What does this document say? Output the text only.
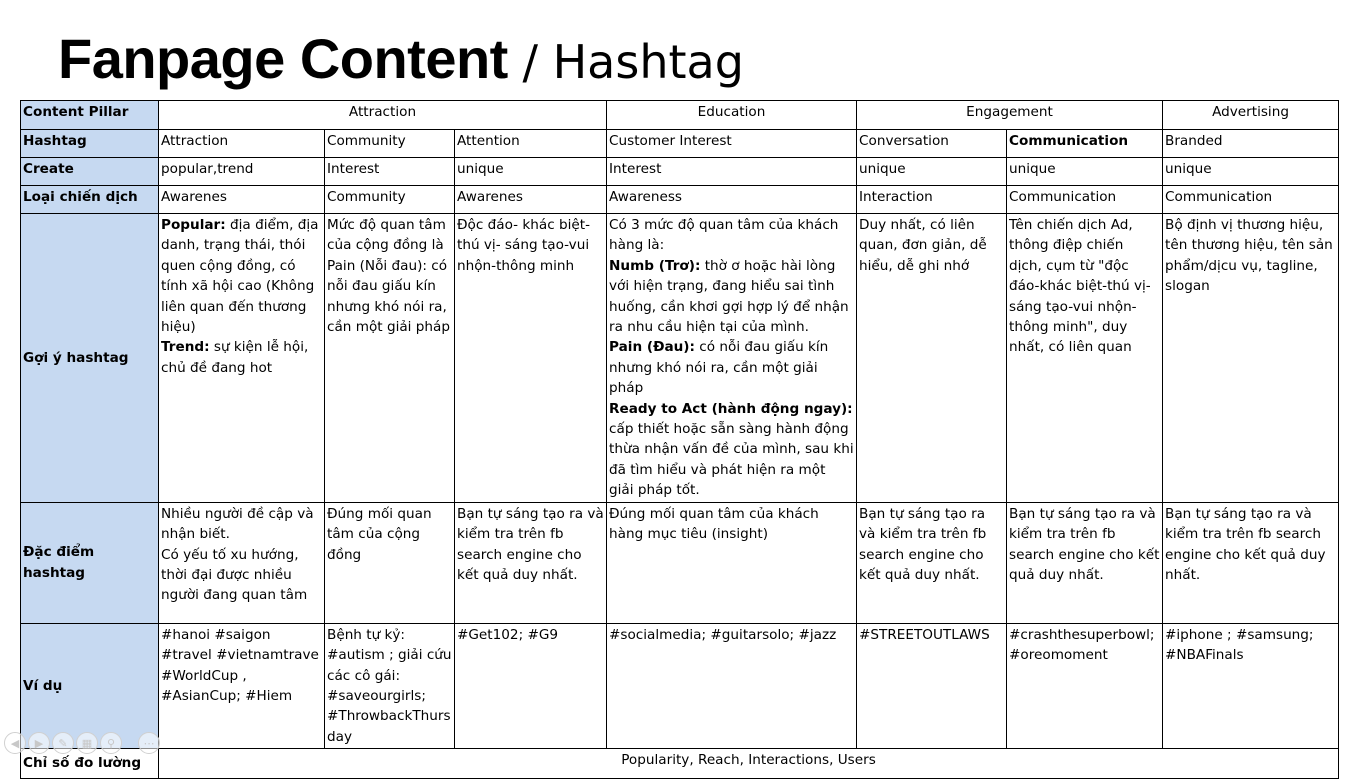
Fanpage Content / Hashtag
Content Pillar	Attraction			Education	Engagement		Advertising
Hashtag	Attraction	Community	Attention	Customer Interest	Conversation	Communication	Branded
Create	popular,trend	Interest	unique	Interest	unique	unique	unique
Loại chiến dịch	Awarenes	Community	Awarenes	Awareness	Interaction	Communication	Communication
Gợi ý hashtag	Popular: địa điểm, địa danh, trạng thái, thói quen cộng đồng, có tính xã hội cao (Không liên quan đến thương hiệu)
Trend: sự kiện lễ hội, chủ đề đang hot	Mức độ quan tâm của cộng đồng là Pain (Nỗi đau): có nỗi đau giấu kín nhưng khó nói ra, cần một giải pháp	Độc đáo- khác biệt-thú vị- sáng tạo-vui nhộn-thông minh	Có 3 mức độ quan tâm của khách hàng là:
Numb (Trơ): thờ ơ hoặc hài lòng với hiện trạng, đang hiểu sai tình huống, cần khơi gợi hợp lý để nhận ra nhu cầu hiện tại của mình.
Pain (Đau): có nỗi đau giấu kín nhưng khó nói ra, cần một giải pháp
Ready to Act (hành động ngay): cấp thiết hoặc sẵn sàng hành động thừa nhận vấn đề của mình, sau khi đã tìm hiểu và phát hiện ra một giải pháp tốt.	Duy nhất, có liên quan, đơn giản, dễ hiểu, dễ ghi nhớ	Tên chiến dịch Ad, thông điệp chiến dịch, cụm từ "độc đáo-khác biệt-thú vị- sáng tạo-vui nhộn-thông minh", duy nhất, có liên quan	Bộ định vị thương hiệu, tên thương hiệu, tên sản phẩm/dịcu vụ, tagline, slogan
Đặc điểm hashtag	Nhiều người đề cập và nhận biết.
Có yếu tố xu hướng, thời đại được nhiều người đang quan tâm	Đúng mối quan tâm của cộng đồng	Bạn tự sáng tạo ra và kiểm tra trên fb search engine cho kết quả duy nhất.	Đúng mối quan tâm của khách hàng mục tiêu (insight)	Bạn tự sáng tạo ra và kiểm tra trên fb search engine cho kết quả duy nhất.	Bạn tự sáng tạo ra và kiểm tra trên fb search engine cho kết quả duy nhất.	Bạn tự sáng tạo ra và kiểm tra trên fb search engine cho kết quả duy nhất.
Ví dụ	#hanoi #saigon #travel #vietnamtrave #WorldCup , #AsianCup; #Hiem	Bệnh tự kỷ: #autism ; giải cứu các cô gái: #saveourgirls; #ThrowbackThurs day	#Get102; #G9	#socialmedia; #guitarsolo; #jazz	#STREETOUTLAWS	#crashthesuperbowl; #oreomoment	#iphone ; #samsung; #NBAFinals
Chỉ số đo lường	Popularity, Reach, Interactions, Users						
◀	▶	✎	▦	⚲	⋯
